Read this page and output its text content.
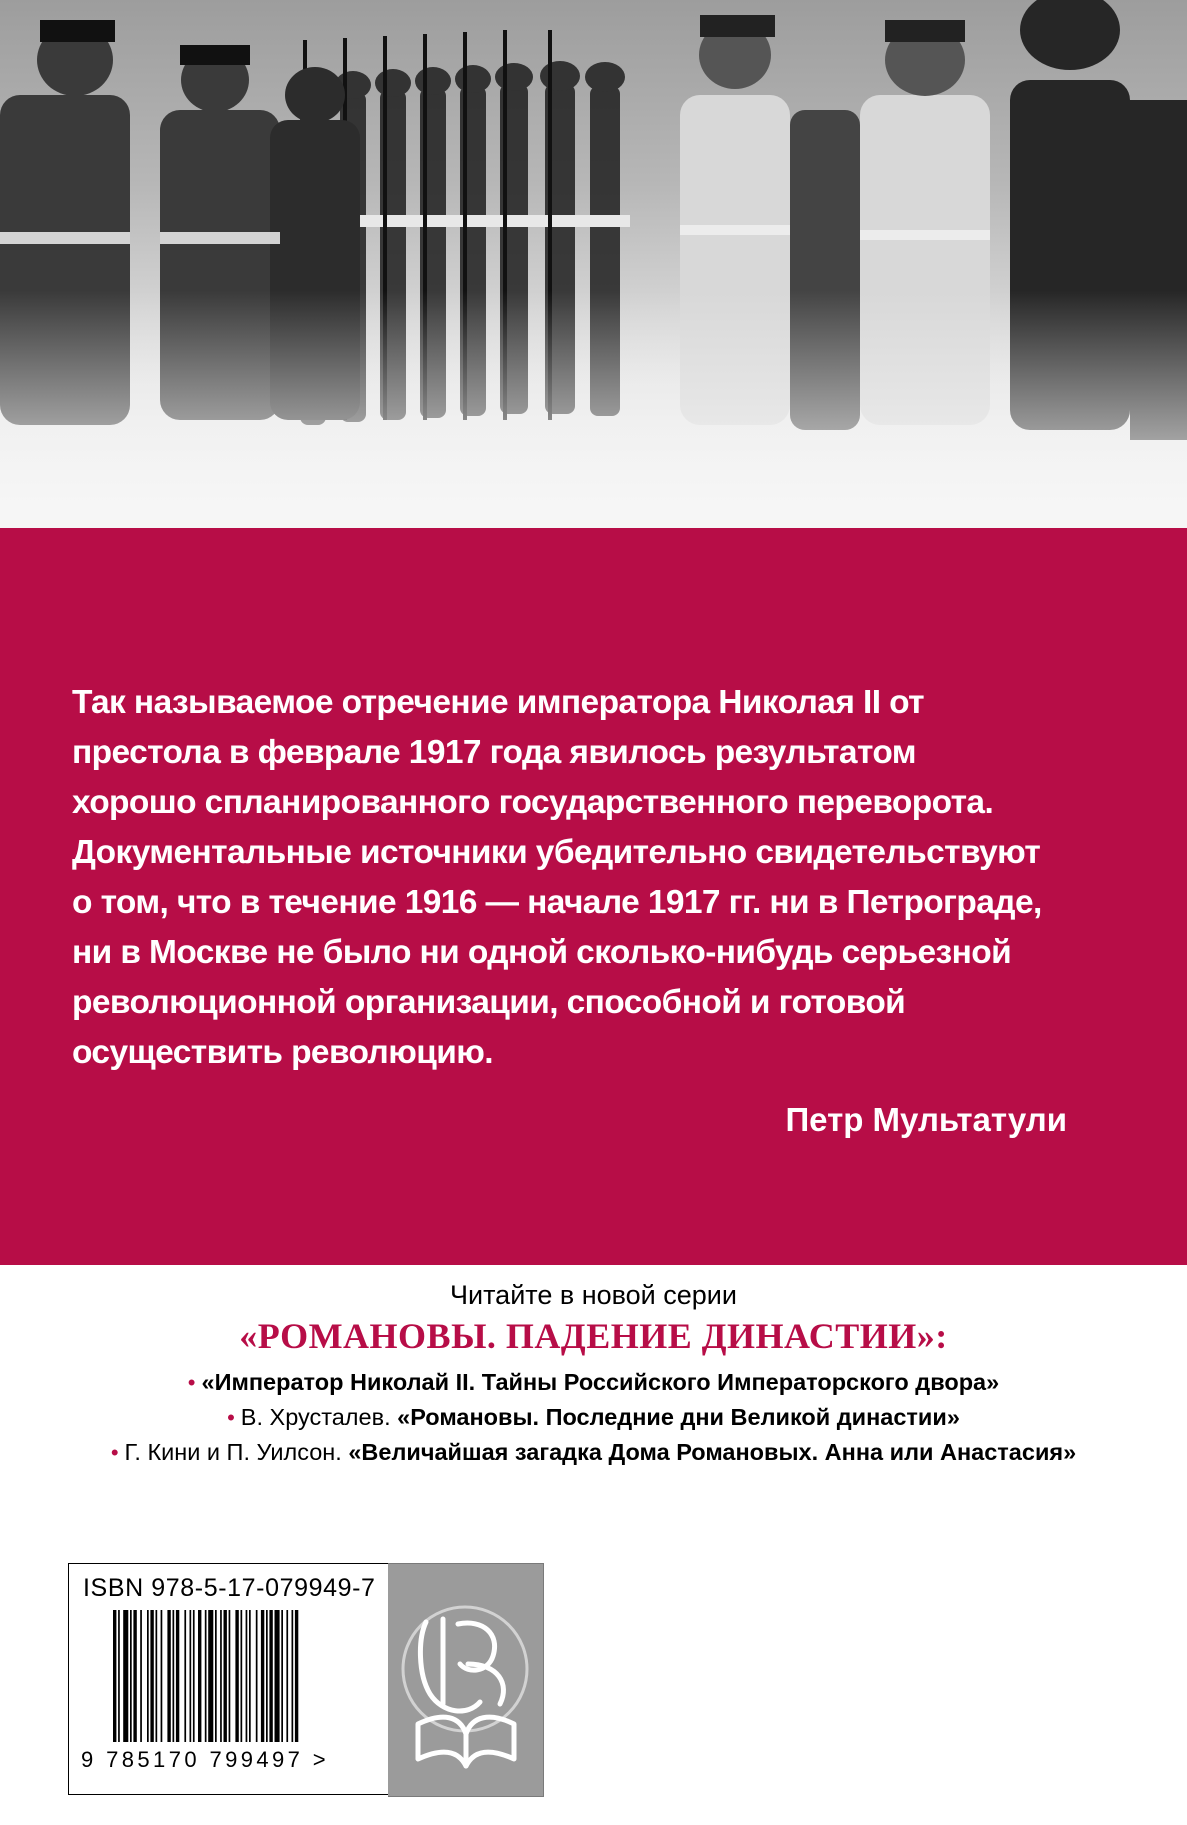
Так называемое отречение императора Николая II от
престола в феврале 1917 года явилось результатом
хорошо спланированного государственного переворота.
Документальные источники убедительно свидетельствуют
о том, что в течение 1916 — начале 1917 гг. ни в Петрограде,
ни в Москве не было ни одной сколько-нибудь серьезной
революционной организации, способной и готовой
осуществить революцию.

Петр Мультатули

Читайте в новой серии
«РОМАНОВЫ. ПАДЕНИЕ ДИНАСТИИ»:
• «Император Николай II. Тайны Российского Императорского двора»
• В. Хрусталев. «Романовы. Последние дни Великой династии»
• Г. Кини и П. Уилсон. «Величайшая загадка Дома Романовых. Анна или Анастасия»
ISBN 978-5-17-079949-7
9 785170 799497 >
